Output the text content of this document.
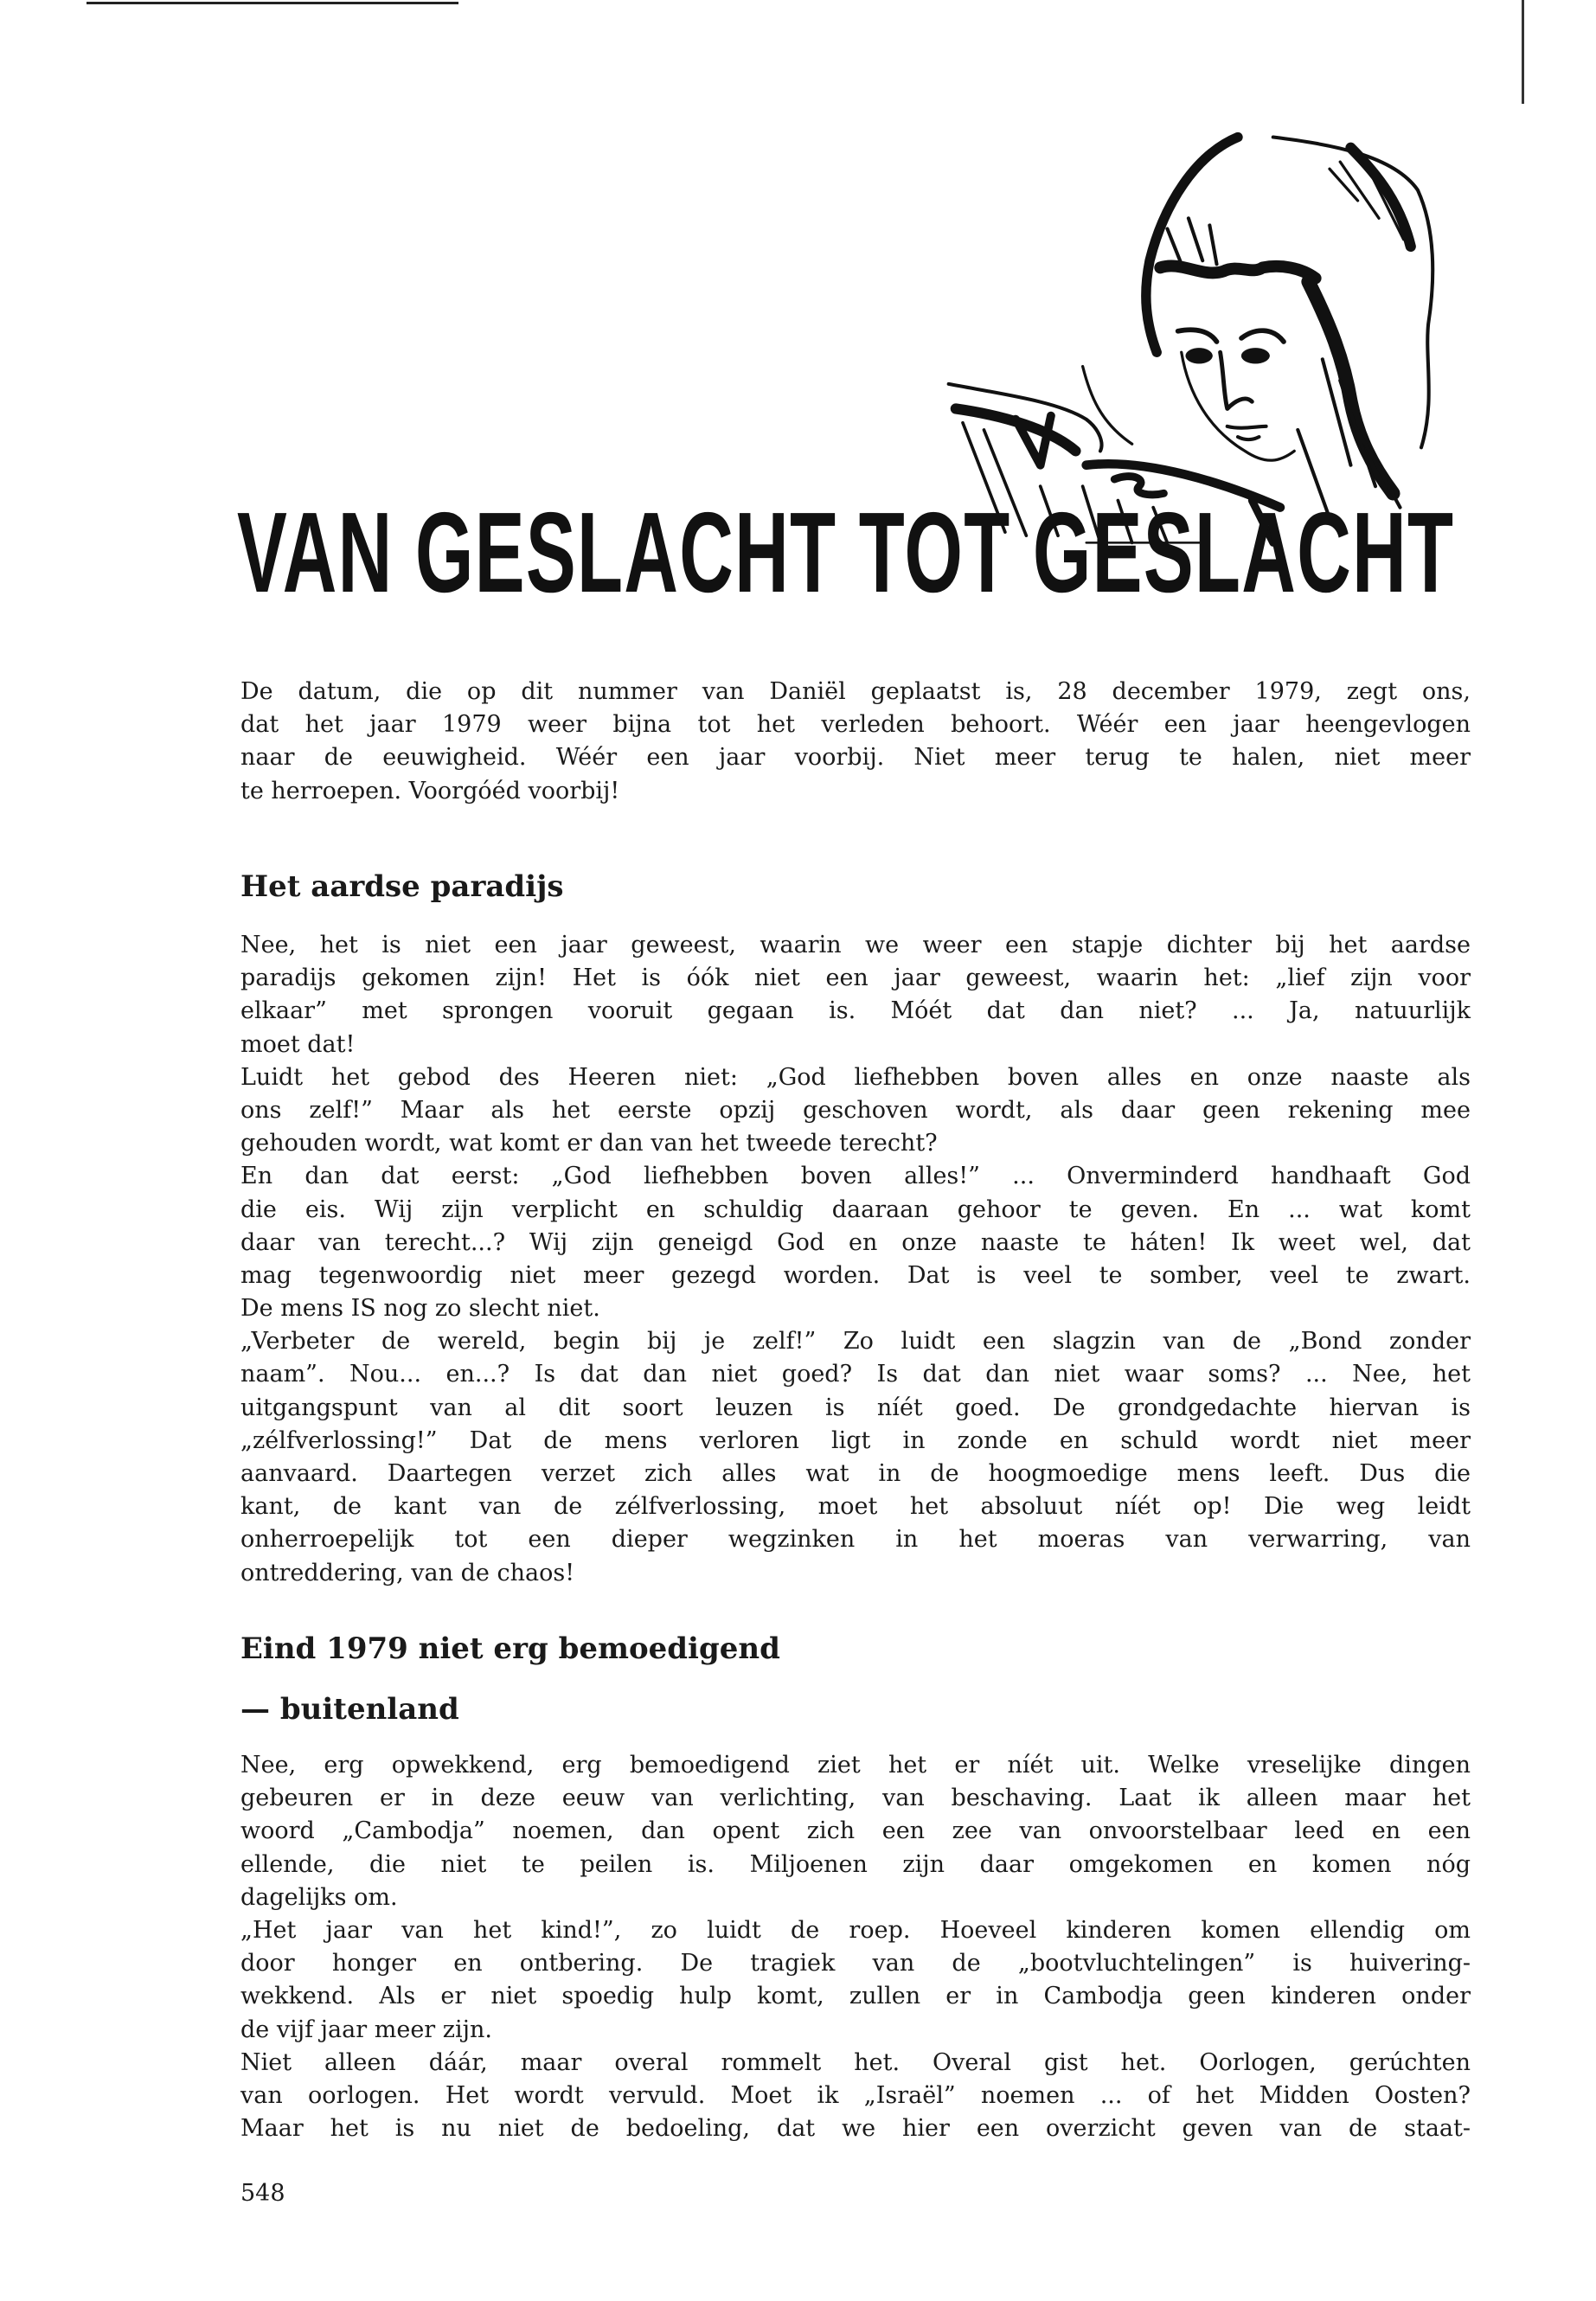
VAN GESLACHT TOT GESLACHT
De datum, die op dit nummer van Daniël geplaatst is, 28 december 1979, zegt ons,
dat het jaar 1979 weer bijna tot het verleden behoort. Wéér een jaar heengevlogen
naar de eeuwigheid. Wéér een jaar voorbij. Niet meer terug te halen, niet meer
te herroepen. Voorgóéd voorbij!
Het aardse paradijs
Nee, het is niet een jaar geweest, waarin we weer een stapje dichter bij het aardse
paradijs gekomen zijn! Het is óók niet een jaar geweest, waarin het: „lief zijn voor
elkaar” met sprongen vooruit gegaan is. Móét dat dan niet? ... Ja, natuurlijk
moet dat!
Luidt het gebod des Heeren niet: „God liefhebben boven alles en onze naaste als
ons zelf!” Maar als het eerste opzij geschoven wordt, als daar geen rekening mee
gehouden wordt, wat komt er dan van het tweede terecht?
En dan dat eerst: „God liefhebben boven alles!” ... Onverminderd handhaaft God
die eis. Wij zijn verplicht en schuldig daaraan gehoor te geven. En ... wat komt
daar van terecht...? Wij zijn geneigd God en onze naaste te háten! Ik weet wel, dat
mag tegenwoordig niet meer gezegd worden. Dat is veel te somber, veel te zwart.
De mens IS nog zo slecht niet.
„Verbeter de wereld, begin bij je zelf!” Zo luidt een slagzin van de „Bond zonder
naam”. Nou... en...? Is dat dan niet goed? Is dat dan niet waar soms? ... Nee, het
uitgangspunt van al dit soort leuzen is níét goed. De grondgedachte hiervan is
„zélfverlossing!” Dat de mens verloren ligt in zonde en schuld wordt niet meer
aanvaard. Daartegen verzet zich alles wat in de hoogmoedige mens leeft. Dus die
kant, de kant van de zélfverlossing, moet het absoluut níét op! Die weg leidt
onherroepelijk tot een dieper wegzinken in het moeras van verwarring, van
ontreddering, van de chaos!
Eind 1979 niet erg bemoedigend
— buitenland
Nee, erg opwekkend, erg bemoedigend ziet het er níét uit. Welke vreselijke dingen
gebeuren er in deze eeuw van verlichting, van beschaving. Laat ik alleen maar het
woord „Cambodja” noemen, dan opent zich een zee van onvoorstelbaar leed en een
ellende, die niet te peilen is. Miljoenen zijn daar omgekomen en komen nóg
dagelijks om.
„Het jaar van het kind!”, zo luidt de roep. Hoeveel kinderen komen ellendig om
door honger en ontbering. De tragiek van de „bootvluchtelingen” is huivering-
wekkend. Als er niet spoedig hulp komt, zullen er in Cambodja geen kinderen onder
de vijf jaar meer zijn.
Niet alleen dáár, maar overal rommelt het. Overal gist het. Oorlogen, gerúchten
van oorlogen. Het wordt vervuld. Moet ik „Israël” noemen ... of het Midden Oosten?
Maar het is nu niet de bedoeling, dat we hier een overzicht geven van de staat-
548
